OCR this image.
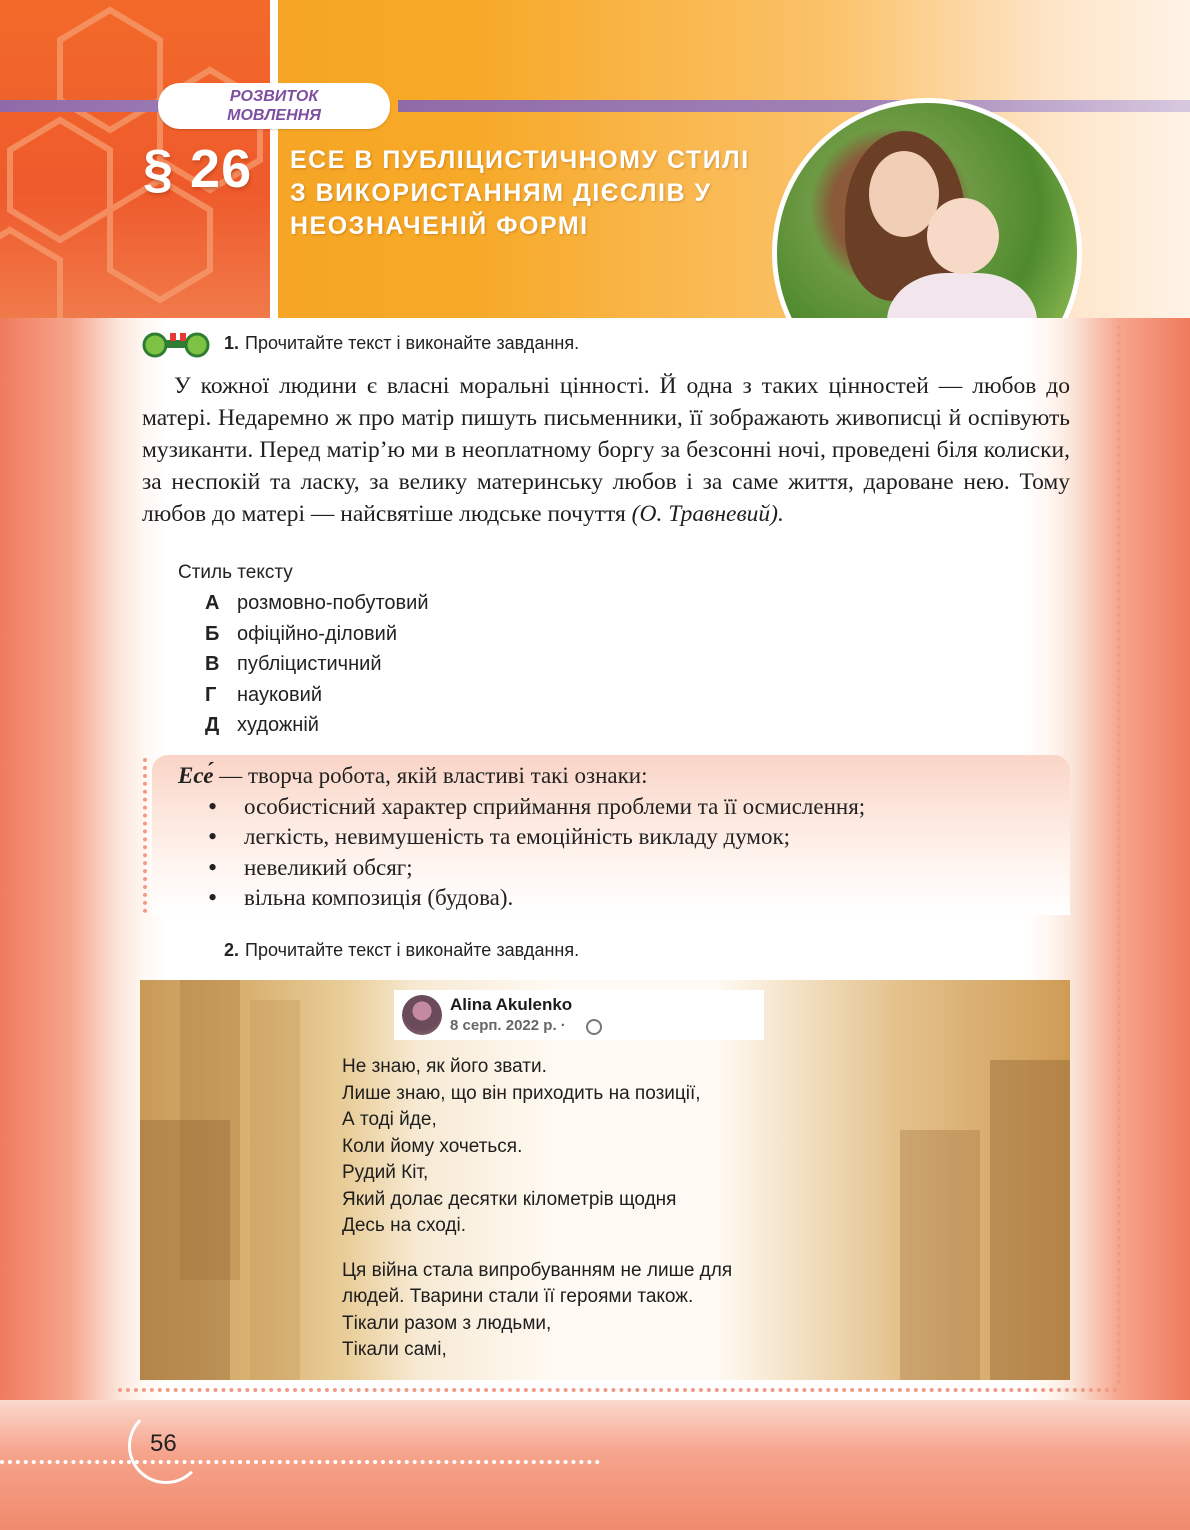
РОЗВИТОК
МОВЛЕННЯ
§ 26 ЕСЕ В ПУБЛІЦИСТИЧНОМУ СТИЛІ
З ВИКОРИСТАННЯМ ДІЄСЛІВ У
НЕОЗНАЧЕНІЙ ФОРМІ
1. Прочитайте текст і виконайте завдання.

У кожної людини є власні моральні цінності. Й одна з таких цінностей — любов до матері. Недаремно ж про матір пишуть письменники, її зображають живописці й оспівують музиканти. Перед матір’ю ми в неоплатному боргу за безсонні ночі, проведені біля колиски, за неспокій та ласку, за велику материнську любов і за саме життя, дароване нею. Тому любов до матері — найсвятіше людське почуття (О. Травневий).

Стиль тексту
А розмовно-побутовий
Б офіційно-діловий
В публіцистичний
Г науковий
Д художній
Есе́ — творча робота, якій властиві такі ознаки:
• особистісний характер сприймання проблеми та її осмислення;
• легкість, невимушеність та емоційність викладу думок;
• невеликий обсяг;
• вільна композиція (будова).
2. Прочитайте текст і виконайте завдання.
Alina Akulenko
8 серп. 2022 р. ·
Не знаю, як його звати.
Лише знаю, що він приходить на позиції,
А тоді йде,
Коли йому хочеться.
Рудий Кіт,
Який долає десятки кілометрів щодня
Десь на сході.
Ця війна стала випробуванням не лише для
людей. Тварини стали її героями також.
Тікали разом з людьми,
Тікали самі,
56
